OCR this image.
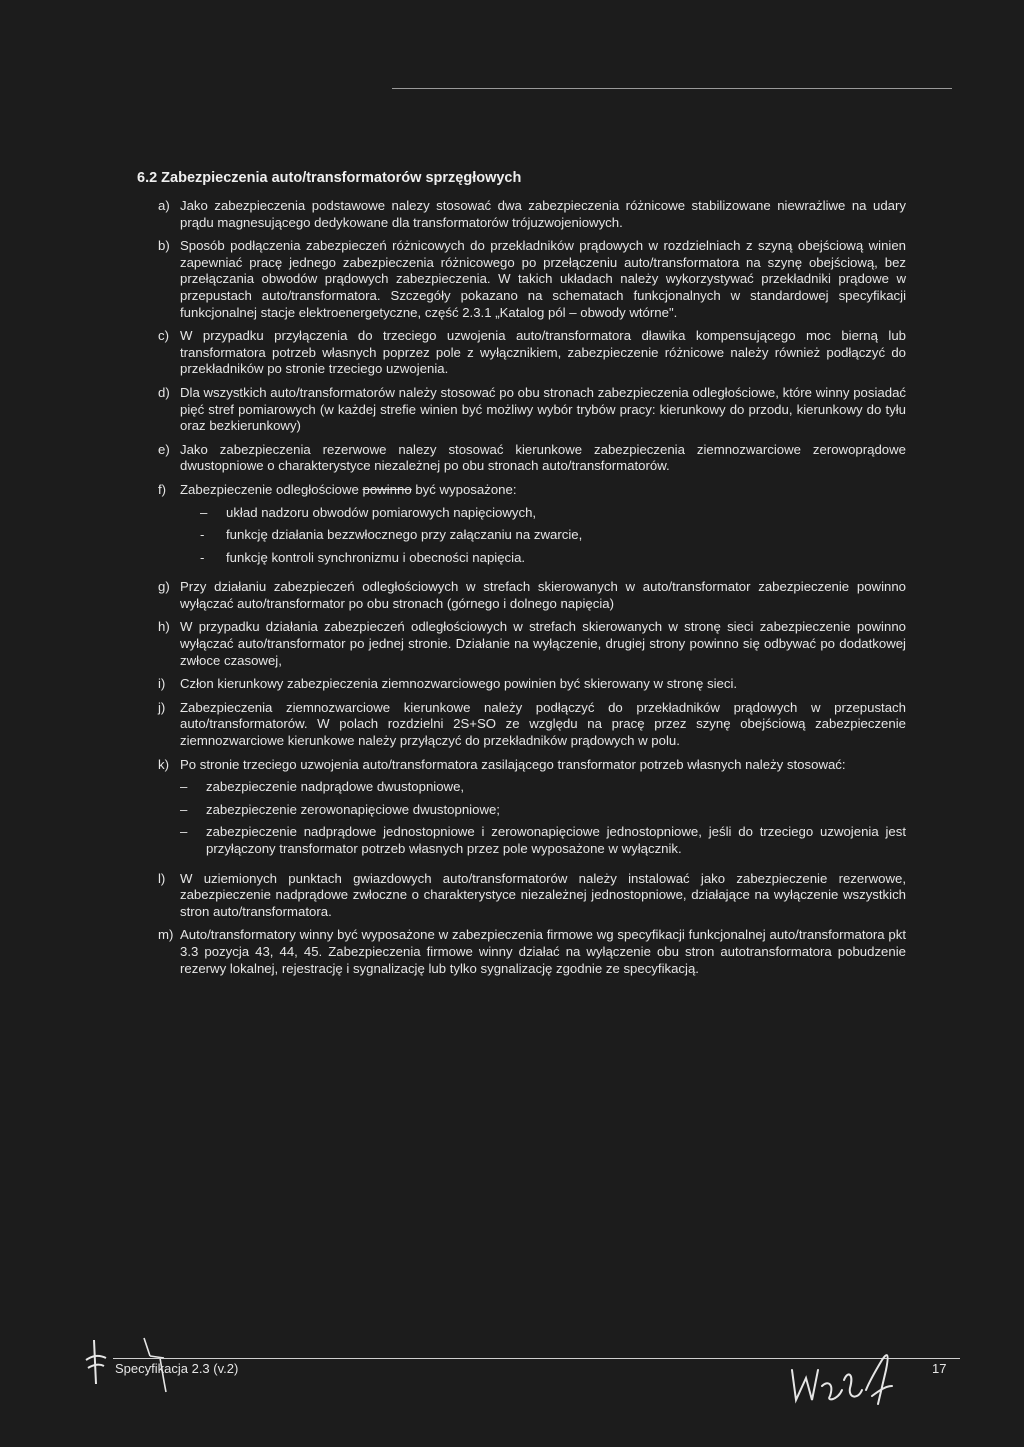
6.2 Zabezpieczenia auto/transformatorów sprzęgłowych
a) Jako zabezpieczenia podstawowe nalezy stosować dwa zabezpieczenia różnicowe stabilizowane niewrażliwe na udary prądu magnesującego dedykowane dla transformatorów trójuzwojeniowych.

b) Sposób podłączenia zabezpieczeń różnicowych do przekładników prądowych w rozdzielniach z szyną obejściową winien zapewniać pracę jednego zabezpieczenia różnicowego po przełączeniu auto/transformatora na szynę obejściową, bez przełączania obwodów prądowych zabezpieczenia. W takich układach należy wykorzystywać przekładniki prądowe w przepustach auto/transformatora. Szczegóły pokazano na schematach funkcjonalnych w standardowej specyfikacji funkcjonalnej stacje elektroenergetyczne, część 2.3.1 „Katalog pól – obwody wtórne".

c) W przypadku przyłączenia do trzeciego uzwojenia auto/transformatora dławika kompensującego moc bierną lub transformatora potrzeb własnych poprzez pole z wyłącznikiem, zabezpieczenie różnicowe należy również podłączyć do przekładników po stronie trzeciego uzwojenia.

d) Dla wszystkich auto/transformatorów należy stosować po obu stronach zabezpieczenia odległościowe, które winny posiadać pięć stref pomiarowych (w każdej strefie winien być możliwy wybór trybów pracy: kierunkowy do przodu, kierunkowy do tyłu oraz bezkierunkowy)

e) Jako zabezpieczenia rezerwowe nalezy stosować kierunkowe zabezpieczenia ziemnozwarciowe zerowoprądowe dwustopniowe o charakterystyce niezależnej po obu stronach auto/transformatorów.

f)	Zabezpieczenie odległościowe powinno być wyposażone:

–	układ nadzoru obwodów pomiarowych napięciowych,
-	funkcję działania bezzwłocznego przy załączaniu na zwarcie,
-	funkcję kontroli synchronizmu i obecności napięcia.
g) Przy działaniu zabezpieczeń odległościowych w strefach skierowanych w auto/transformator zabezpieczenie powinno wyłączać auto/transformator po obu stronach (górnego i dolnego napięcia)

h) W przypadku działania zabezpieczeń odległościowych w strefach skierowanych w stronę sieci zabezpieczenie powinno wyłączać auto/transformator po jednej stronie. Działanie na wyłączenie, drugiej strony powinno się odbywać po dodatkowej zwłoce czasowej,

i)	Człon kierunkowy zabezpieczenia ziemnozwarciowego powinien być skierowany w stronę sieci.

j)	Zabezpieczenia ziemnozwarciowe kierunkowe należy podłączyć do przekładników prądowych w przepustach auto/transformatorów. W polach rozdzielni 2S+SO ze względu na pracę przez szynę obejściową zabezpieczenie ziemnozwarciowe kierunkowe należy przyłączyć do przekładników prądowych w polu.

k) Po stronie trzeciego uzwojenia auto/transformatora zasilającego transformator potrzeb własnych należy stosować:

–	zabezpieczenie nadprądowe dwustopniowe,
–	zabezpieczenie zerowonapięciowe dwustopniowe;
–	zabezpieczenie nadprądowe jednostopniowe i zerowonapięciowe jednostopniowe, jeśli do trzeciego uzwojenia jest przyłączony transformator potrzeb własnych przez pole wyposażone w wyłącznik.
l)	W uziemionych punktach gwiazdowych auto/transformatorów należy instalować jako zabezpieczenie rezerwowe, zabezpieczenie nadprądowe zwłoczne o charakterystyce niezależnej jednostopniowe, działające na wyłączenie wszystkich stron auto/transformatora.

m) Auto/transformatory winny być wyposażone w zabezpieczenia firmowe wg specyfikacji funkcjonalnej auto/transformatora pkt 3.3 pozycja 43, 44, 45. Zabezpieczenia firmowe winny działać na wyłączenie obu stron autotransformatora pobudzenie rezerwy lokalnej, rejestrację i sygnalizację lub tylko sygnalizację zgodnie ze specyfikacją.

Specyfikacja 2.3 (v.2)	17
